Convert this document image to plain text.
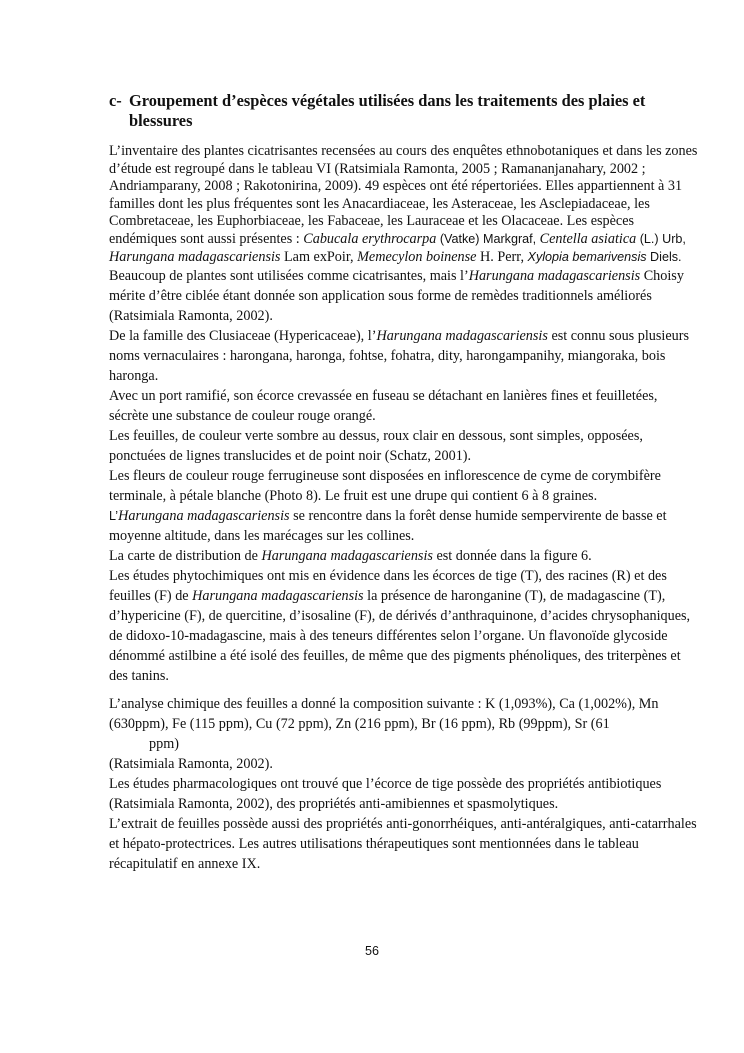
c- Groupement d’espèces végétales utilisées dans les traitements des plaies et blessures

L’inventaire des plantes cicatrisantes recensées au cours des enquêtes ethnobotaniques et dans les zones d’étude est regroupé dans le tableau VI (Ratsimiala Ramonta, 2005 ; Ramananjanahary, 2002 ; Andriamparany, 2008 ; Rakotonirina, 2009). 49 espèces ont été répertoriées. Elles appartiennent à 31 familles dont les plus fréquentes sont les Anacardiaceae, les Asteraceae, les Asclepiadaceae, les Combretaceae, les Euphorbiaceae, les Fabaceae, les Lauraceae et les Olacaceae. Les espèces endémiques sont aussi présentes : Cabucala erythrocarpa (Vatke) Markgraf, Centella asiatica (L.) Urb, Harungana madagascariensis Lam exPoir, Memecylon boinense H. Perr, Xylopia bemarivensis Diels.

Beaucoup de plantes sont utilisées comme cicatrisantes, mais l’Harungana madagascariensis Choisy mérite d’être ciblée étant donnée son application sous forme de remèdes traditionnels améliorés (Ratsimiala Ramonta, 2002).

De la famille des Clusiaceae (Hypericaceae), l’Harungana madagascariensis est connu sous plusieurs noms vernaculaires : harongana, haronga, fohtse, fohatra, dity, harongampanihy, miangoraka, bois haronga.

Avec un port ramifié, son écorce crevassée en fuseau se détachant en lanières fines et feuilletées, sécrète une substance de couleur rouge orangé.

Les feuilles, de couleur verte sombre au dessus, roux clair en dessous, sont simples, opposées, ponctuées de lignes translucides et de point noir (Schatz, 2001).

Les fleurs de couleur rouge ferrugineuse sont disposées en inflorescence de cyme de corymbifère terminale, à pétale blanche (Photo 8). Le fruit est une drupe qui contient 6 à 8 graines.

L’Harungana madagascariensis se rencontre dans la forêt dense humide sempervirente de basse et moyenne altitude, dans les marécages sur les collines.

La carte de distribution de Harungana madagascariensis est donnée dans la figure 6.

Les études phytochimiques ont mis en évidence dans les écorces de tige (T), des racines (R) et des feuilles (F) de Harungana madagascariensis la présence de haronganine (T), de madagascine (T), d’hypericine (F), de quercitine, d’isosaline (F), de dérivés d’anthraquinone, d’acides chrysophaniques, de didoxo-10-madagascine, mais à des teneurs différentes selon l’organe. Un flavonoïde glycoside dénommé astilbine a été isolé des feuilles, de même que des pigments phénoliques, des triterpènes et des tanins.

L’analyse chimique des feuilles a donné la composition suivante : K (1,093%), Ca (1,002%), Mn (630ppm), Fe (115 ppm), Cu (72 ppm), Zn (216 ppm), Br (16 ppm), Rb (99ppm), Sr (61
ppm)

(Ratsimiala Ramonta, 2002).

Les études pharmacologiques ont trouvé que l’écorce de tige possède des propriétés antibiotiques (Ratsimiala Ramonta, 2002), des propriétés anti-amibiennes et spasmolytiques.

L’extrait de feuilles possède aussi des propriétés anti-gonorrhéiques, anti-antéralgiques, anti-catarrhales et hépato-protectrices. Les autres utilisations thérapeutiques sont mentionnées dans le tableau récapitulatif en annexe IX.

56
